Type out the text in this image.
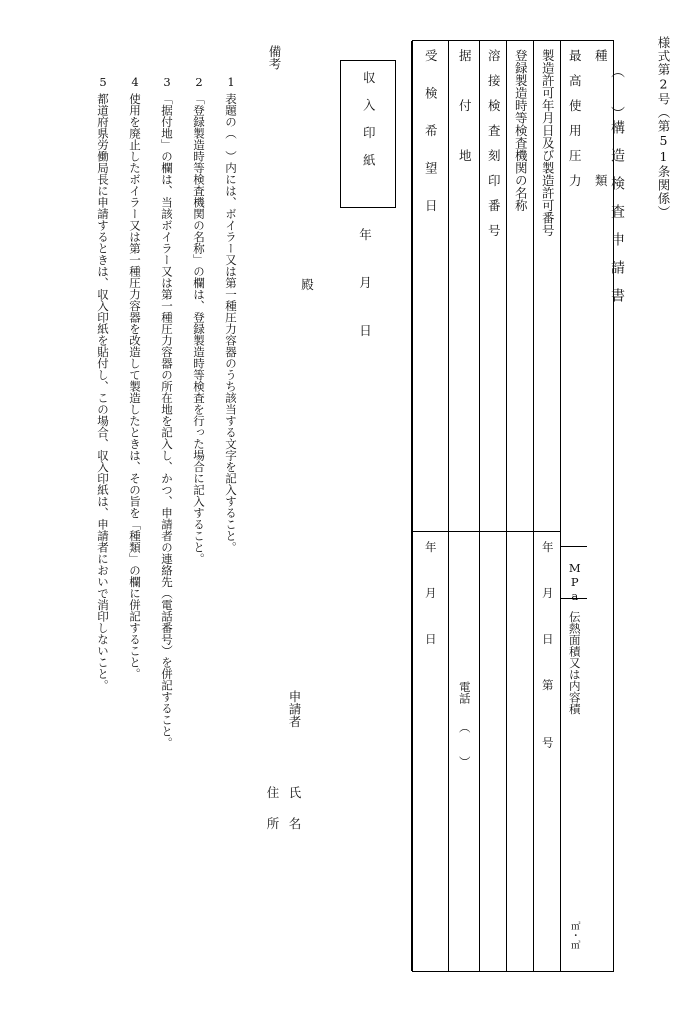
様式第2号（第51条関係）
収 入 印 紙
年
月
日
殿
申請者
住　所 氏　名
種　　　　　　　　　類
最　高　使　用　圧　力
MPa
伝熱面積又は内容積
㎡・㎥
製造許可年月日及び製造許可番号
年　　　月　　　日　　　第　　　　号
登録製造時等検査機関の名称
溶　接　検　査　刻　印　番　号
据　　　付　　　地
電話　　（　　）
受　　検　　希　　望　　日
年　　　月　　　日
（　　）構　造　検　査　申　請　書
備考
1
表題の（　）内には、ボイラー又は第一種圧力容器のうち該当する文字を記入すること。
2
「登録製造時等検査機関の名称」の欄は、登録製造時等検査を行った場合に記入すること。
3
「据付地」の欄は、当該ボイラー又は第一種圧力容器の所在地を記入し、かつ、申請者の連絡先（電話番号）を併記すること。
4
使用を廃止したボイラー又は第一種圧力容器を改造して製造したときは、その旨を「種類」の欄に併記すること。
5
都道府県労働局長に申請するときは、収入印紙を貼付し、この場合、収入印紙は、申請者においで消印しないこと。
